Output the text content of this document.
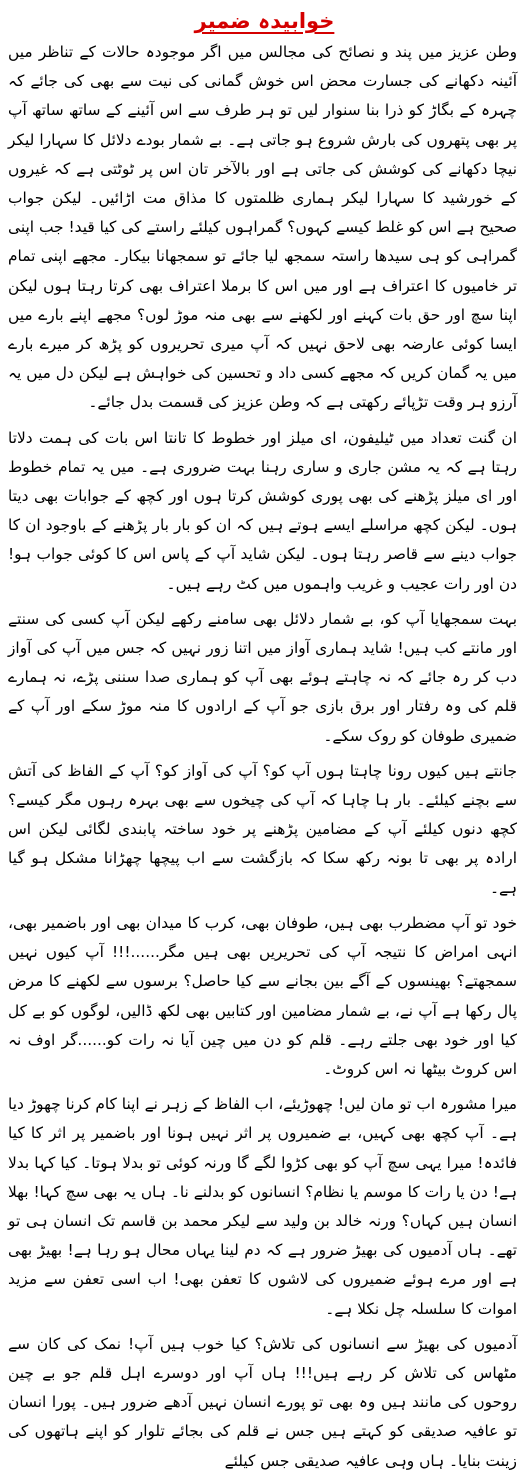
خوابیدہ ضمیر

وطن عزیز میں پند و نصائح کی مجالس میں اگر موجودہ حالات کے تناظر میں آئینہ دکھانے کی جسارت محض اس خوش گمانی کی نیت سے بھی کی جائے کہ چہرہ کے بگاڑ کو ذرا بنا سنوار لیں تو ہر طرف سے اس آئینے کے ساتھ ساتھ آپ پر بھی پتھروں کی بارش شروع ہو جاتی ہے۔ بے شمار بودے دلائل کا سہارا لیکر نیچا دکھانے کی کوشش کی جاتی ہے اور بالآخر تان اس پر ٹوٹتی ہے کہ غیروں کے خورشید کا سہارا لیکر ہماری ظلمتوں کا مذاق مت اڑائیں۔ لیکن جواب صحیح ہے اس کو غلط کیسے کہوں؟ گمراہوں کیلئے راستے کی کیا قید! جب اپنی گمراہی کو ہی سیدھا راستہ سمجھ لیا جائے تو سمجھانا بیکار۔ مجھے اپنی تمام تر خامیوں کا اعتراف ہے اور میں اس کا برملا اعتراف بھی کرتا رہتا ہوں لیکن اپنا سچ اور حق بات کہنے اور لکھنے سے بھی منہ موڑ لوں؟ مجھے اپنے بارے میں ایسا کوئی عارضہ بھی لاحق نہیں کہ آپ میری تحریروں کو پڑھ کر میرے بارے میں یہ گمان کریں کہ مجھے کسی داد و تحسین کی خواہش ہے لیکن دل میں یہ آرزو ہر وقت تڑپائے رکھتی ہے کہ وطن عزیز کی قسمت بدل جائے۔

ان گنت تعداد میں ٹیلیفون، ای میلز اور خطوط کا تانتا اس بات کی ہمت دلاتا رہتا ہے کہ یہ مشن جاری و ساری رہنا بہت ضروری ہے۔ میں یہ تمام خطوط اور ای میلز پڑھنے کی بھی پوری کوشش کرتا ہوں اور کچھ کے جوابات بھی دیتا ہوں۔ لیکن کچھ مراسلے ایسے ہوتے ہیں کہ ان کو بار بار پڑھنے کے باوجود ان کا جواب دینے سے قاصر رہتا ہوں۔ لیکن شاید آپ کے پاس اس کا کوئی جواب ہو! دن اور رات عجیب و غریب واہموں میں کٹ رہے ہیں۔

بہت سمجھایا آپ کو، بے شمار دلائل بھی سامنے رکھے لیکن آپ کسی کی سنتے اور مانتے کب ہیں! شاید ہماری آواز میں اتنا زور نہیں کہ جس میں آپ کی آواز دب کر رہ جائے کہ نہ چاہتے ہوئے بھی آپ کو ہماری صدا سننی پڑے، نہ ہمارے قلم کی وہ رفتار اور برق بازی جو آپ کے ارادوں کا منہ موڑ سکے اور آپ کے ضمیری طوفان کو روک سکے۔

جانتے ہیں کیوں رونا چاہتا ہوں آپ کو؟ آپ کی آواز کو؟ آپ کے الفاظ کی آتش سے بچنے کیلئے۔ بار ہا چاہا کہ آپ کی چیخوں سے بھی بہرہ رہوں مگر کیسے؟ کچھ دنوں کیلئے آپ کے مضامین پڑھنے پر خود ساختہ پابندی لگائی لیکن اس ارادہ پر بھی تا بونہ رکھ سکا کہ بازگشت سے اب پیچھا چھڑانا مشکل ہو گیا ہے۔

خود تو آپ مضطرب بھی ہیں، طوفان بھی، کرب کا میدان بھی اور باضمیر بھی، انہی امراض کا نتیجہ آپ کی تحریریں بھی ہیں مگر......!!! آپ کیوں نہیں سمجھتے؟ بھینسوں کے آگے بین بجانے سے کیا حاصل؟ برسوں سے لکھنے کا مرض پال رکھا ہے آپ نے، بے شمار مضامین اور کتابیں بھی لکھ ڈالیں، لوگوں کو بے کل کیا اور خود بھی جلتے رہے۔ قلم کو دن میں چین آیا نہ رات کو......گر اوف نہ اس کروٹ بیٹھا نہ اس کروٹ۔

میرا مشورہ اب تو مان لیں! چھوڑیئے، اب الفاظ کے زہر نے اپنا کام کرنا چھوڑ دیا ہے۔ آپ کچھ بھی کہیں، بے ضمیروں پر اثر نہیں ہونا اور باضمیر پر اثر کا کیا فائدہ! میرا یہی سچ آپ کو بھی کڑوا لگے گا ورنہ کوئی تو بدلا ہوتا۔ کیا کہا بدلا ہے! دن یا رات کا موسم یا نظام؟ انسانوں کو بدلنے نا۔ ہاں یہ بھی سچ کہا! بھلا انسان ہیں کہاں؟ ورنہ خالد بن ولید سے لیکر محمد بن قاسم تک انسان ہی تو تھے۔ ہاں آدمیوں کی بھیڑ ضرور ہے کہ دم لینا یہاں محال ہو رہا ہے! بھیڑ بھی ہے اور مرے ہوئے ضمیروں کی لاشوں کا تعفن بھی! اب اسی تعفن سے مزید اموات کا سلسلہ چل نکلا ہے۔

آدمیوں کی بھیڑ سے انسانوں کی تلاش؟ کیا خوب ہیں آپ! نمک کی کان سے مٹھاس کی تلاش کر رہے ہیں!!! ہاں آپ اور دوسرے اہل قلم جو بے چین روحوں کی مانند ہیں وہ بھی تو پورے انسان نہیں آدھے ضرور ہیں۔ پورا انسان تو عافیہ صدیقی کو کہتے ہیں جس نے قلم کی بجائے تلوار کو اپنے ہاتھوں کی زینت بنایا۔ ہاں وہی عافیہ صدیقی جس کیلئے
